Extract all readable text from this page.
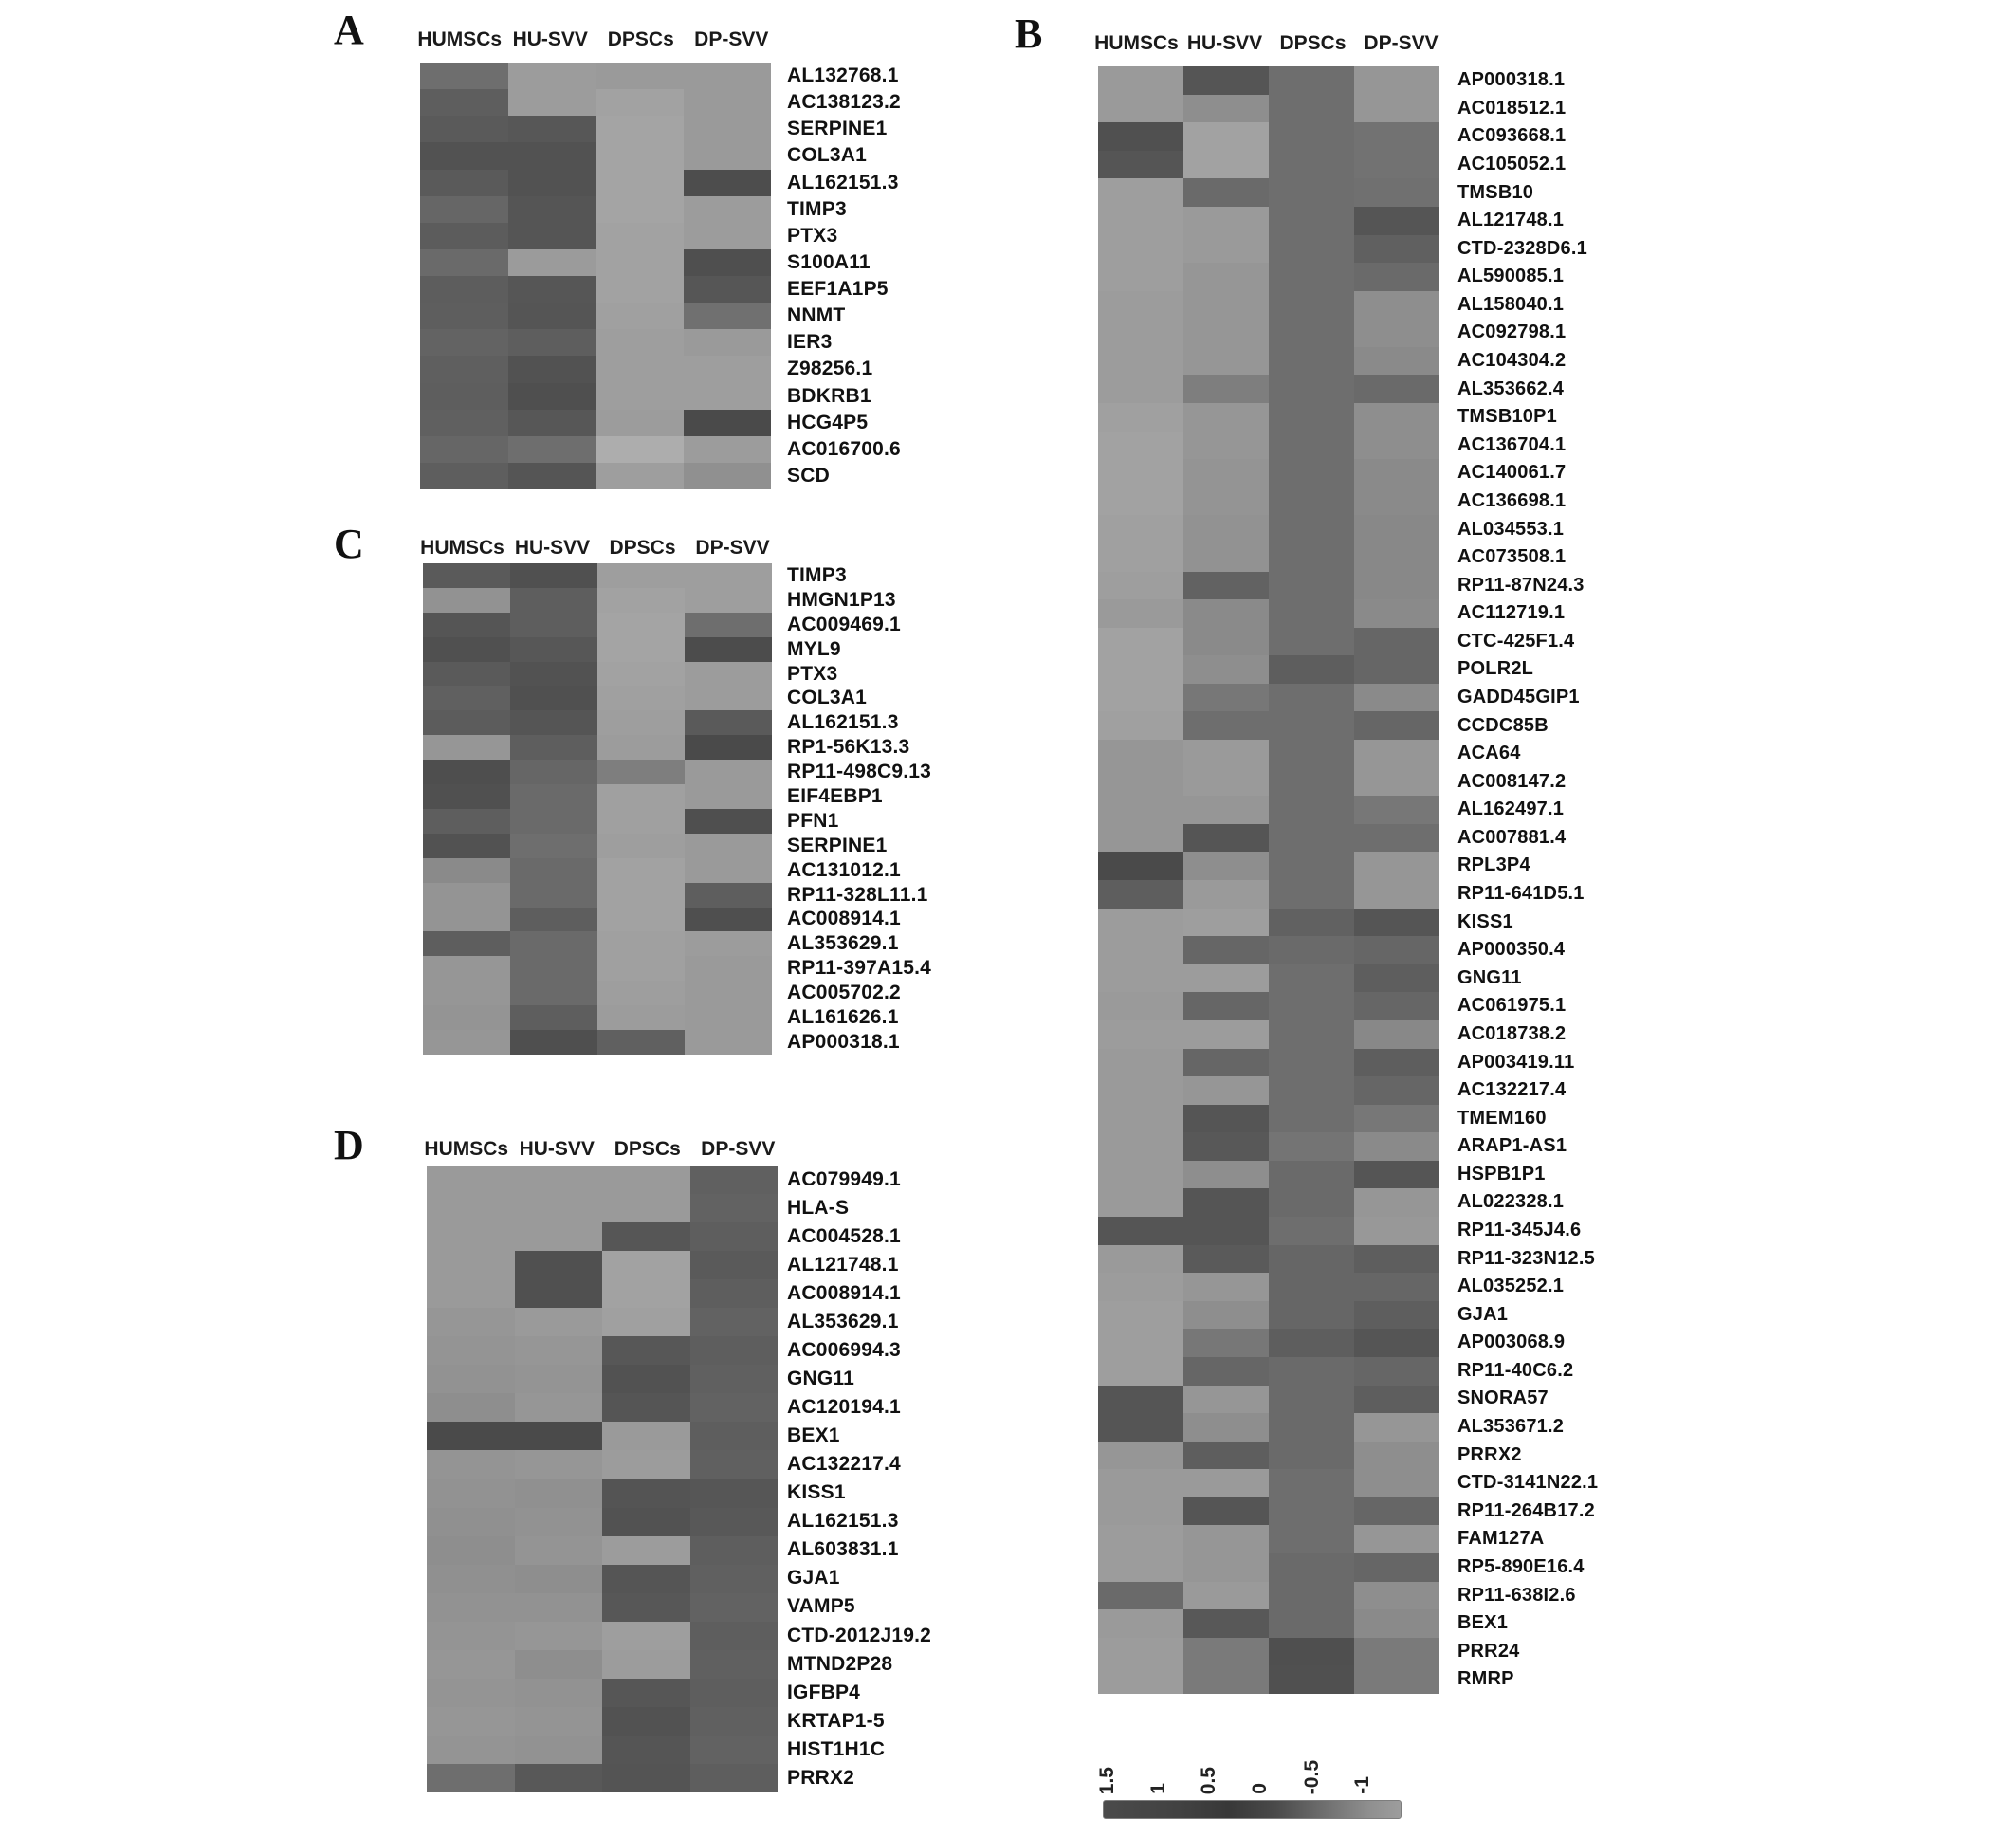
A	HUMSCs HU-SVV DPSCs	DP-SVV
AL132768.1
AC138123.2
SERPINE1
COL3A1
AL162151.3
TIMP3
PTX3
S100A11
EEF1A1P5
NNMT
IER3
Z98256.1
BDKRB1
HCG4P5
AC016700.6
SCD
B	HUMSCs HU-SVV DPSCs DP-SVV
AP000318.1
AC018512.1
AC093668.1
AC105052.1
TMSB10
AL121748.1
CTD-2328D6.1
AL590085.1
AL158040.1
AC092798.1
AC104304.2
AL353662.4
TMSB10P1
AC136704.1
AC140061.7
AC136698.1
AL034553.1
AC073508.1
RP11-87N24.3
AC112719.1
CTC-425F1.4
POLR2L
GADD45GIP1
CCDC85B
ACA64
AC008147.2
AL162497.1
AC007881.4
RPL3P4
RP11-641D5.1
KISS1
AP000350.4
GNG11
AC061975.1
AC018738.2
AP003419.11
AC132217.4
TMEM160
ARAP1-AS1
HSPB1P1
AL022328.1
RP11-345J4.6
RP11-323N12.5
AL035252.1
GJA1
AP003068.9
RP11-40C6.2
SNORA57
AL353671.2
PRRX2
CTD-3141N22.1
RP11-264B17.2
FAM127A
RP5-890E16.4
RP11-638I2.6
BEX1
PRR24
RMRP
C	HUMSCs HU-SVV DPSCs DP-SVV
TIMP3
HMGN1P13
AC009469.1
MYL9
PTX3
COL3A1
AL162151.3
RP1-56K13.3
RP11-498C9.13
EIF4EBP1
PFN1
SERPINE1
AC131012.1
RP11-328L11.1
AC008914.1
AL353629.1
RP11-397A15.4
AC005702.2
AL161626.1
AP000318.1
D	HUMSCs HU-SVV DPSCs	DP-SVV
AC079949.1
HLA-S
AC004528.1
AL121748.1
AC008914.1
AL353629.1
AC006994.3
GNG11
AC120194.1
BEX1
AC132217.4
KISS1
AL162151.3
AL603831.1
GJA1
VAMP5
CTD-2012J19.2
MTND2P28
IGFBP4
KRTAP1-5
HIST1H1C
PRRX2	1.5 1 0.5 0 -0.5 -1
